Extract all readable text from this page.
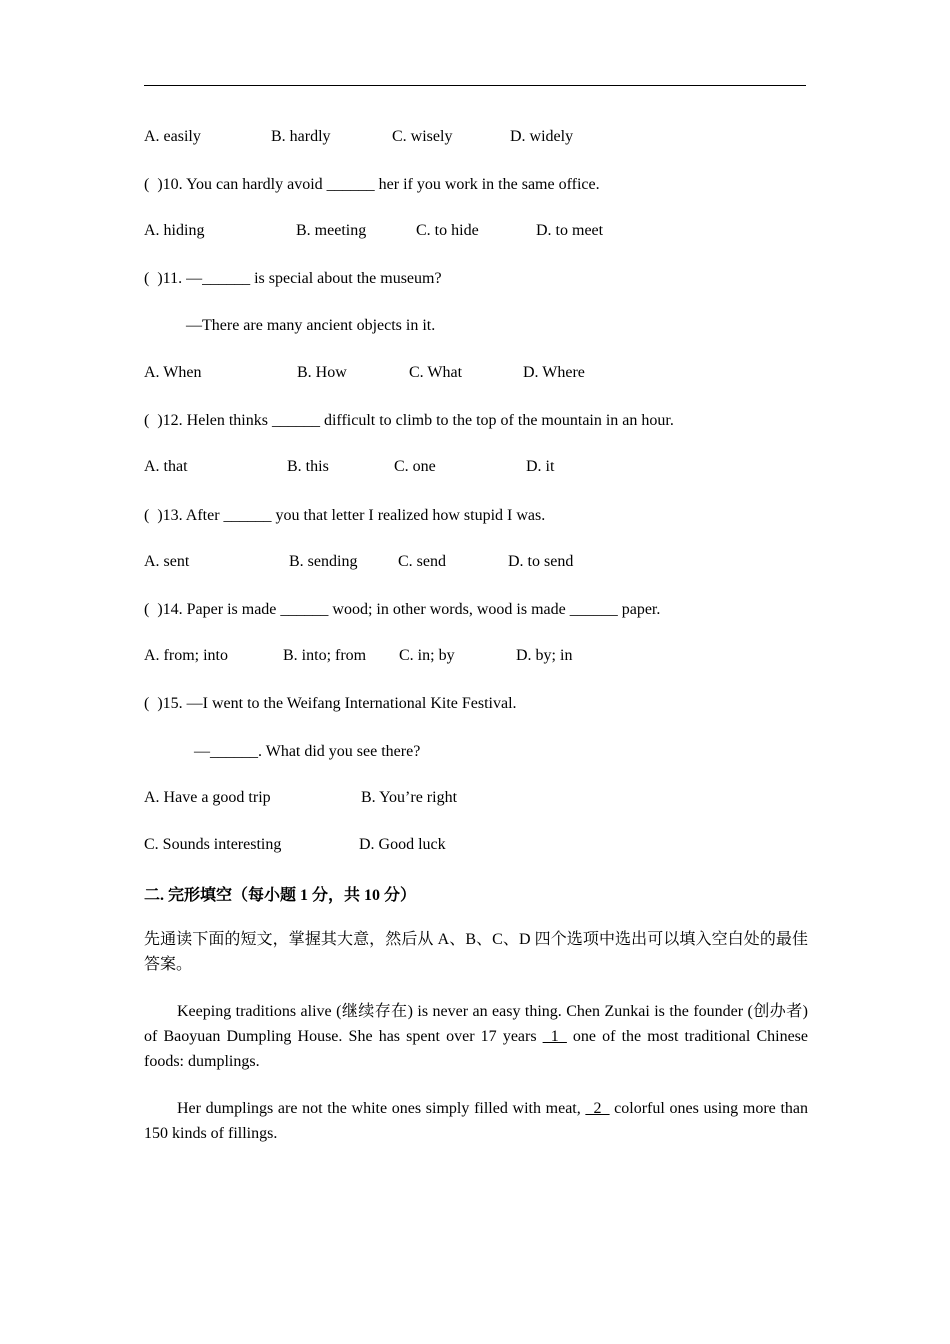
A. easily	B. hardly	C. wisely	D. widely
(  )10. You can hardly avoid ______ her if you work in the same office.
A. hiding	B. meeting	C. to hide	D. to meet
(  )11. —______ is special about the museum?
—There are many ancient objects in it.
A. When	B. How	C. What	D. Where
(  )12. Helen thinks ______ difficult to climb to the top of the mountain in an hour.
A. that	B. this	C. one	D. it
(  )13. After ______ you that letter I realized how stupid I was.
A. sent	B. sending	C. send	D. to send
(  )14. Paper is made ______ wood; in other words, wood is made ______ paper.
A. from; into	B. into; from C. in; by	D. by; in
(  )15. —I went to the Weifang International Kite Festival.
—______. What did you see there?
A. Have a good trip	B. You’re right
C. Sounds interesting	D. Good luck
二. 完形填空（每小题 1 分，共 10 分）
先通读下面的短文，掌握其大意，然后从 A、B、C、D 四个选项中选出可以填入空白处的最佳答案。
Keeping traditions alive (继续存在) is never an easy thing. Chen Zunkai is the founder (创办者) of Baoyuan Dumpling House. She has spent over 17 years _1_ one of the most traditional Chinese foods: dumplings.
Her dumplings are not the white ones simply filled with meat, _2_ colorful ones using more than 150 kinds of fillings.
